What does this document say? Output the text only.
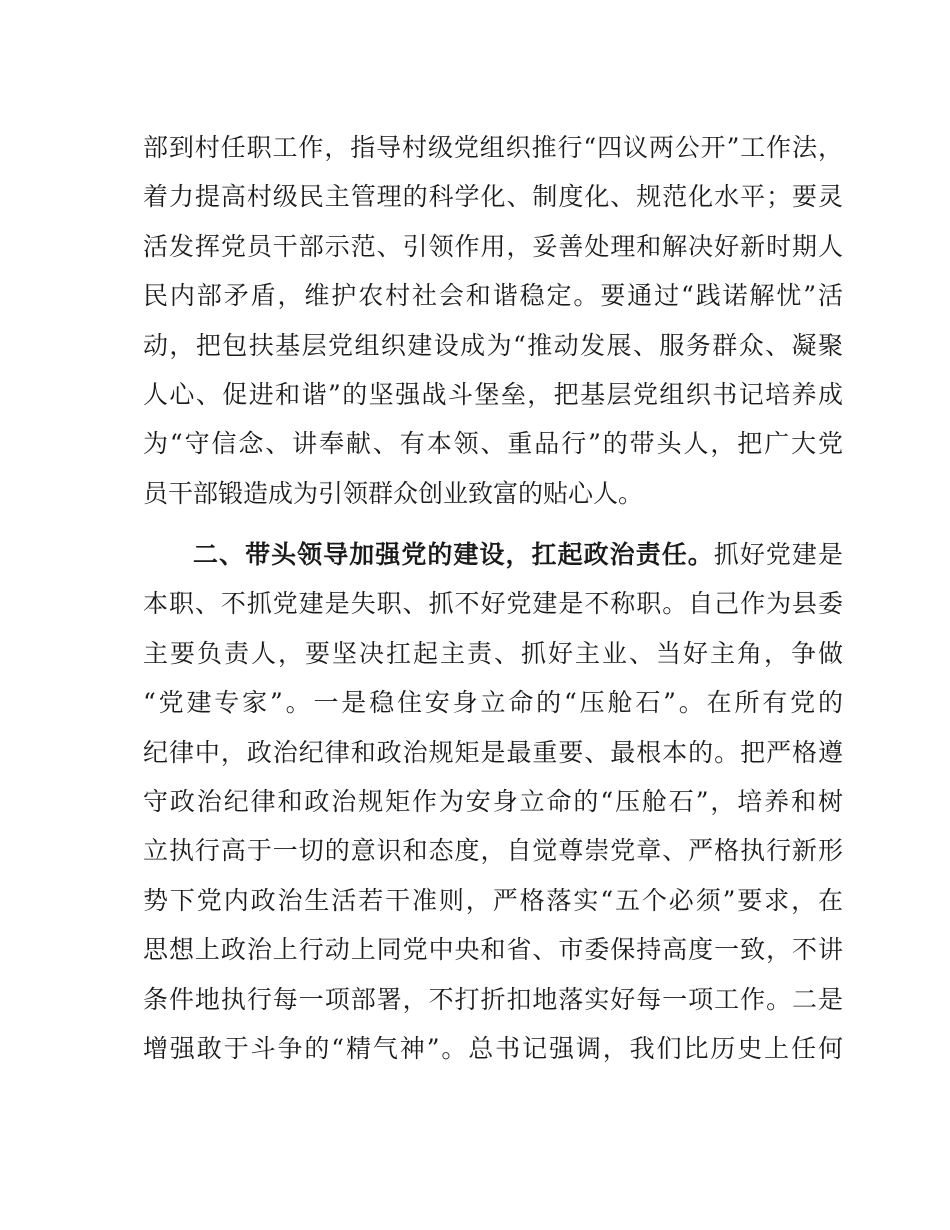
部到村任职工作，指导村级党组织推行“四议两公开”工作法，
着力提高村级民主管理的科学化、制度化、规范化水平；要灵
活发挥党员干部示范、引领作用，妥善处理和解决好新时期人
民内部矛盾，维护农村社会和谐稳定。要通过“践诺解忧”活
动，把包扶基层党组织建设成为“推动发展、服务群众、凝聚
人心、促进和谐”的坚强战斗堡垒，把基层党组织书记培养成
为“守信念、讲奉献、有本领、重品行”的带头人，把广大党
员干部锻造成为引领群众创业致富的贴心人。
二、带头领导加强党的建设，扛起政治责任。抓好党建是
本职、不抓党建是失职、抓不好党建是不称职。自己作为县委
主要负责人，要坚决扛起主责、抓好主业、当好主角，争做
“党建专家”。一是稳住安身立命的“压舱石”。在所有党的
纪律中，政治纪律和政治规矩是最重要、最根本的。把严格遵
守政治纪律和政治规矩作为安身立命的“压舱石”，培养和树
立执行高于一切的意识和态度，自觉尊崇党章、严格执行新形
势下党内政治生活若干准则，严格落实“五个必须”要求，在
思想上政治上行动上同党中央和省、市委保持高度一致，不讲
条件地执行每一项部署，不打折扣地落实好每一项工作。二是
增强敢于斗争的“精气神”。总书记强调，我们比历史上任何
